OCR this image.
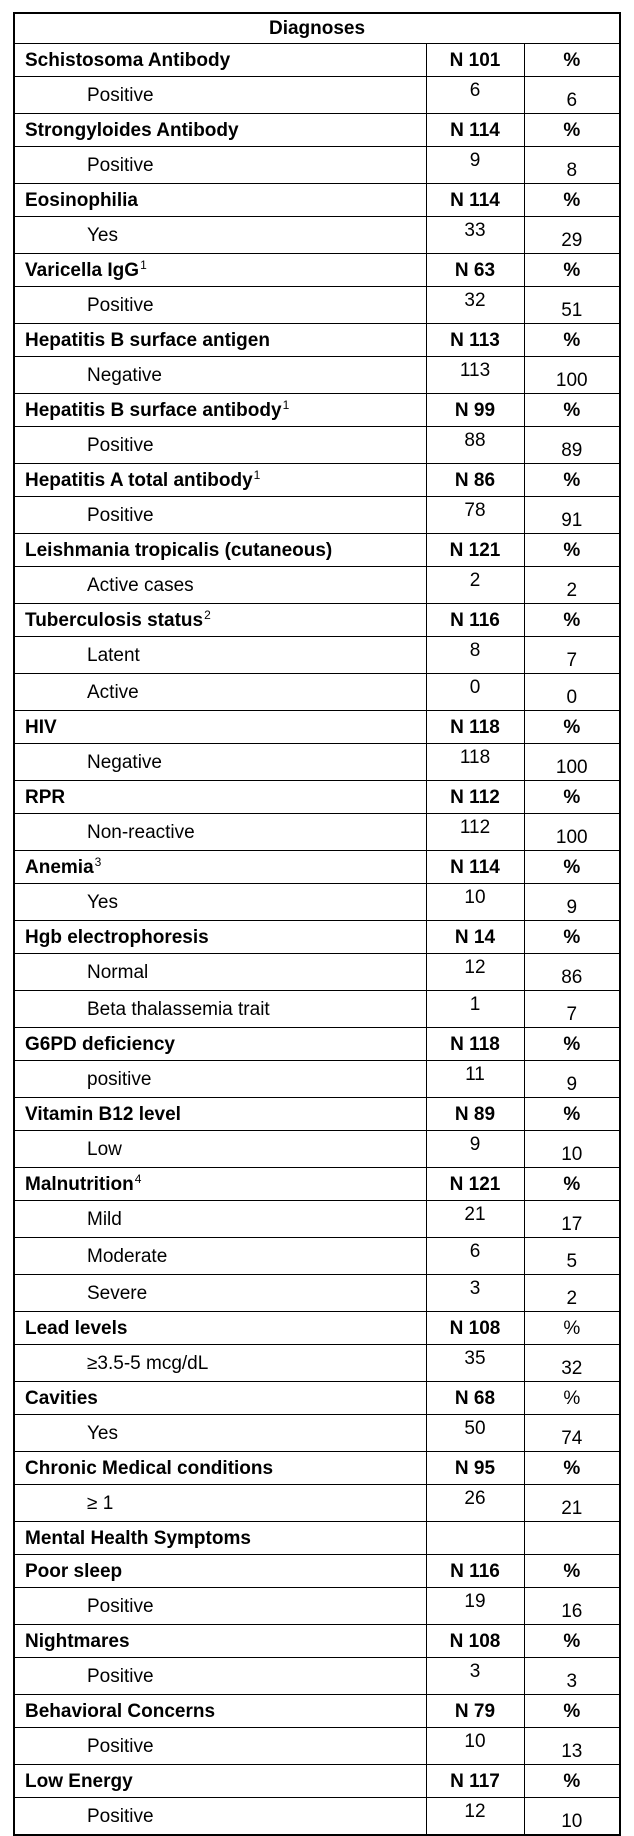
Diagnoses		
Schistosoma Antibody	N 101	%
Positive	6	6
Strongyloides Antibody	N 114	%
Positive	9	8
Eosinophilia	N 114	%
Yes	33	29
Varicella IgG$^1$	N 63	%
Positive	32	51
Hepatitis B surface antigen	N 113	%
Negative	113	100
Hepatitis B surface antibody$^1$	N 99	%
Positive	88	89
Hepatitis A total antibody$^1$	N 86	%
Positive	78	91
Leishmania tropicalis (cutaneous)	N 121	%
Active cases	2	2
Tuberculosis status$^2$	N 116	%
Latent	8	7
Active	0	0
HIV	N 118	%
Negative	118	100
RPR	N 112	%
Non-reactive	112	100
Anemia$^3$	N 114	%
Yes	10	9
Hgb electrophoresis	N 14	%
Normal	12	86
Beta thalassemia trait	1	7
G6PD deficiency	N 118	%
positive	11	9
Vitamin B12 level	N 89	%
Low	9	10
Malnutrition$^4$	N 121	%
Mild	21	17
Moderate	6	5
Severe	3	2
Lead levels	N 108	%
≥3.5-5 mcg/dL	35	32
Cavities	N 68	%
Yes	50	74
Chronic Medical conditions	N 95	%
≥ 1	26	21
Mental Health Symptoms		
Poor sleep	N 116	%
Positive	19	16
Nightmares	N 108	%
Positive	3	3
Behavioral Concerns	N 79	%
Positive	10	13
Low Energy	N 117	%
Positive	12	10
